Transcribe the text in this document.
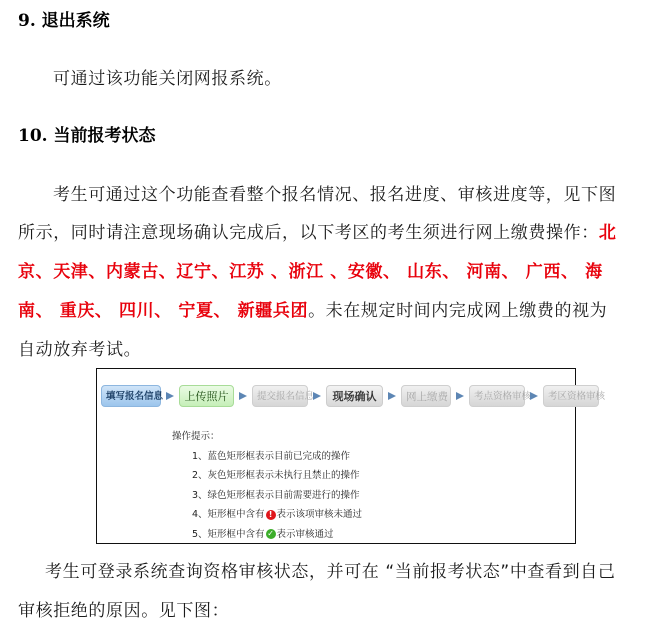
9. 退出系统
可通过该功能关闭网报系统。
10. 当前报考状态
考生可通过这个功能查看整个报名情况、报名进度、审核进度等，见下图
所示，同时请注意现场确认完成后，以下考区的考生须进行网上缴费操作：北
京、天津、内蒙古、辽宁、江苏 、浙江 、安徽、 山东、 河南、 广西、 海
南、 重庆、 四川、 宁夏、 新疆兵团。未在规定时间内完成网上缴费的视为
自动放弃考试。
填写报名信息	上传照片	提交报名信息	现场确认	网上缴费	考点资格审核	考区资格审核
操作提示：
1、蓝色矩形框表示目前已完成的操作
2、灰色矩形框表示未执行且禁止的操作
3、绿色矩形框表示目前需要进行的操作
4、矩形框中含有 ! 表示该项审核未通过
5、矩形框中含有 ✓ 表示审核通过
考生可登录系统查询资格审核状态，并可在 “当前报考状态”中查看到自己
审核拒绝的原因。见下图：
